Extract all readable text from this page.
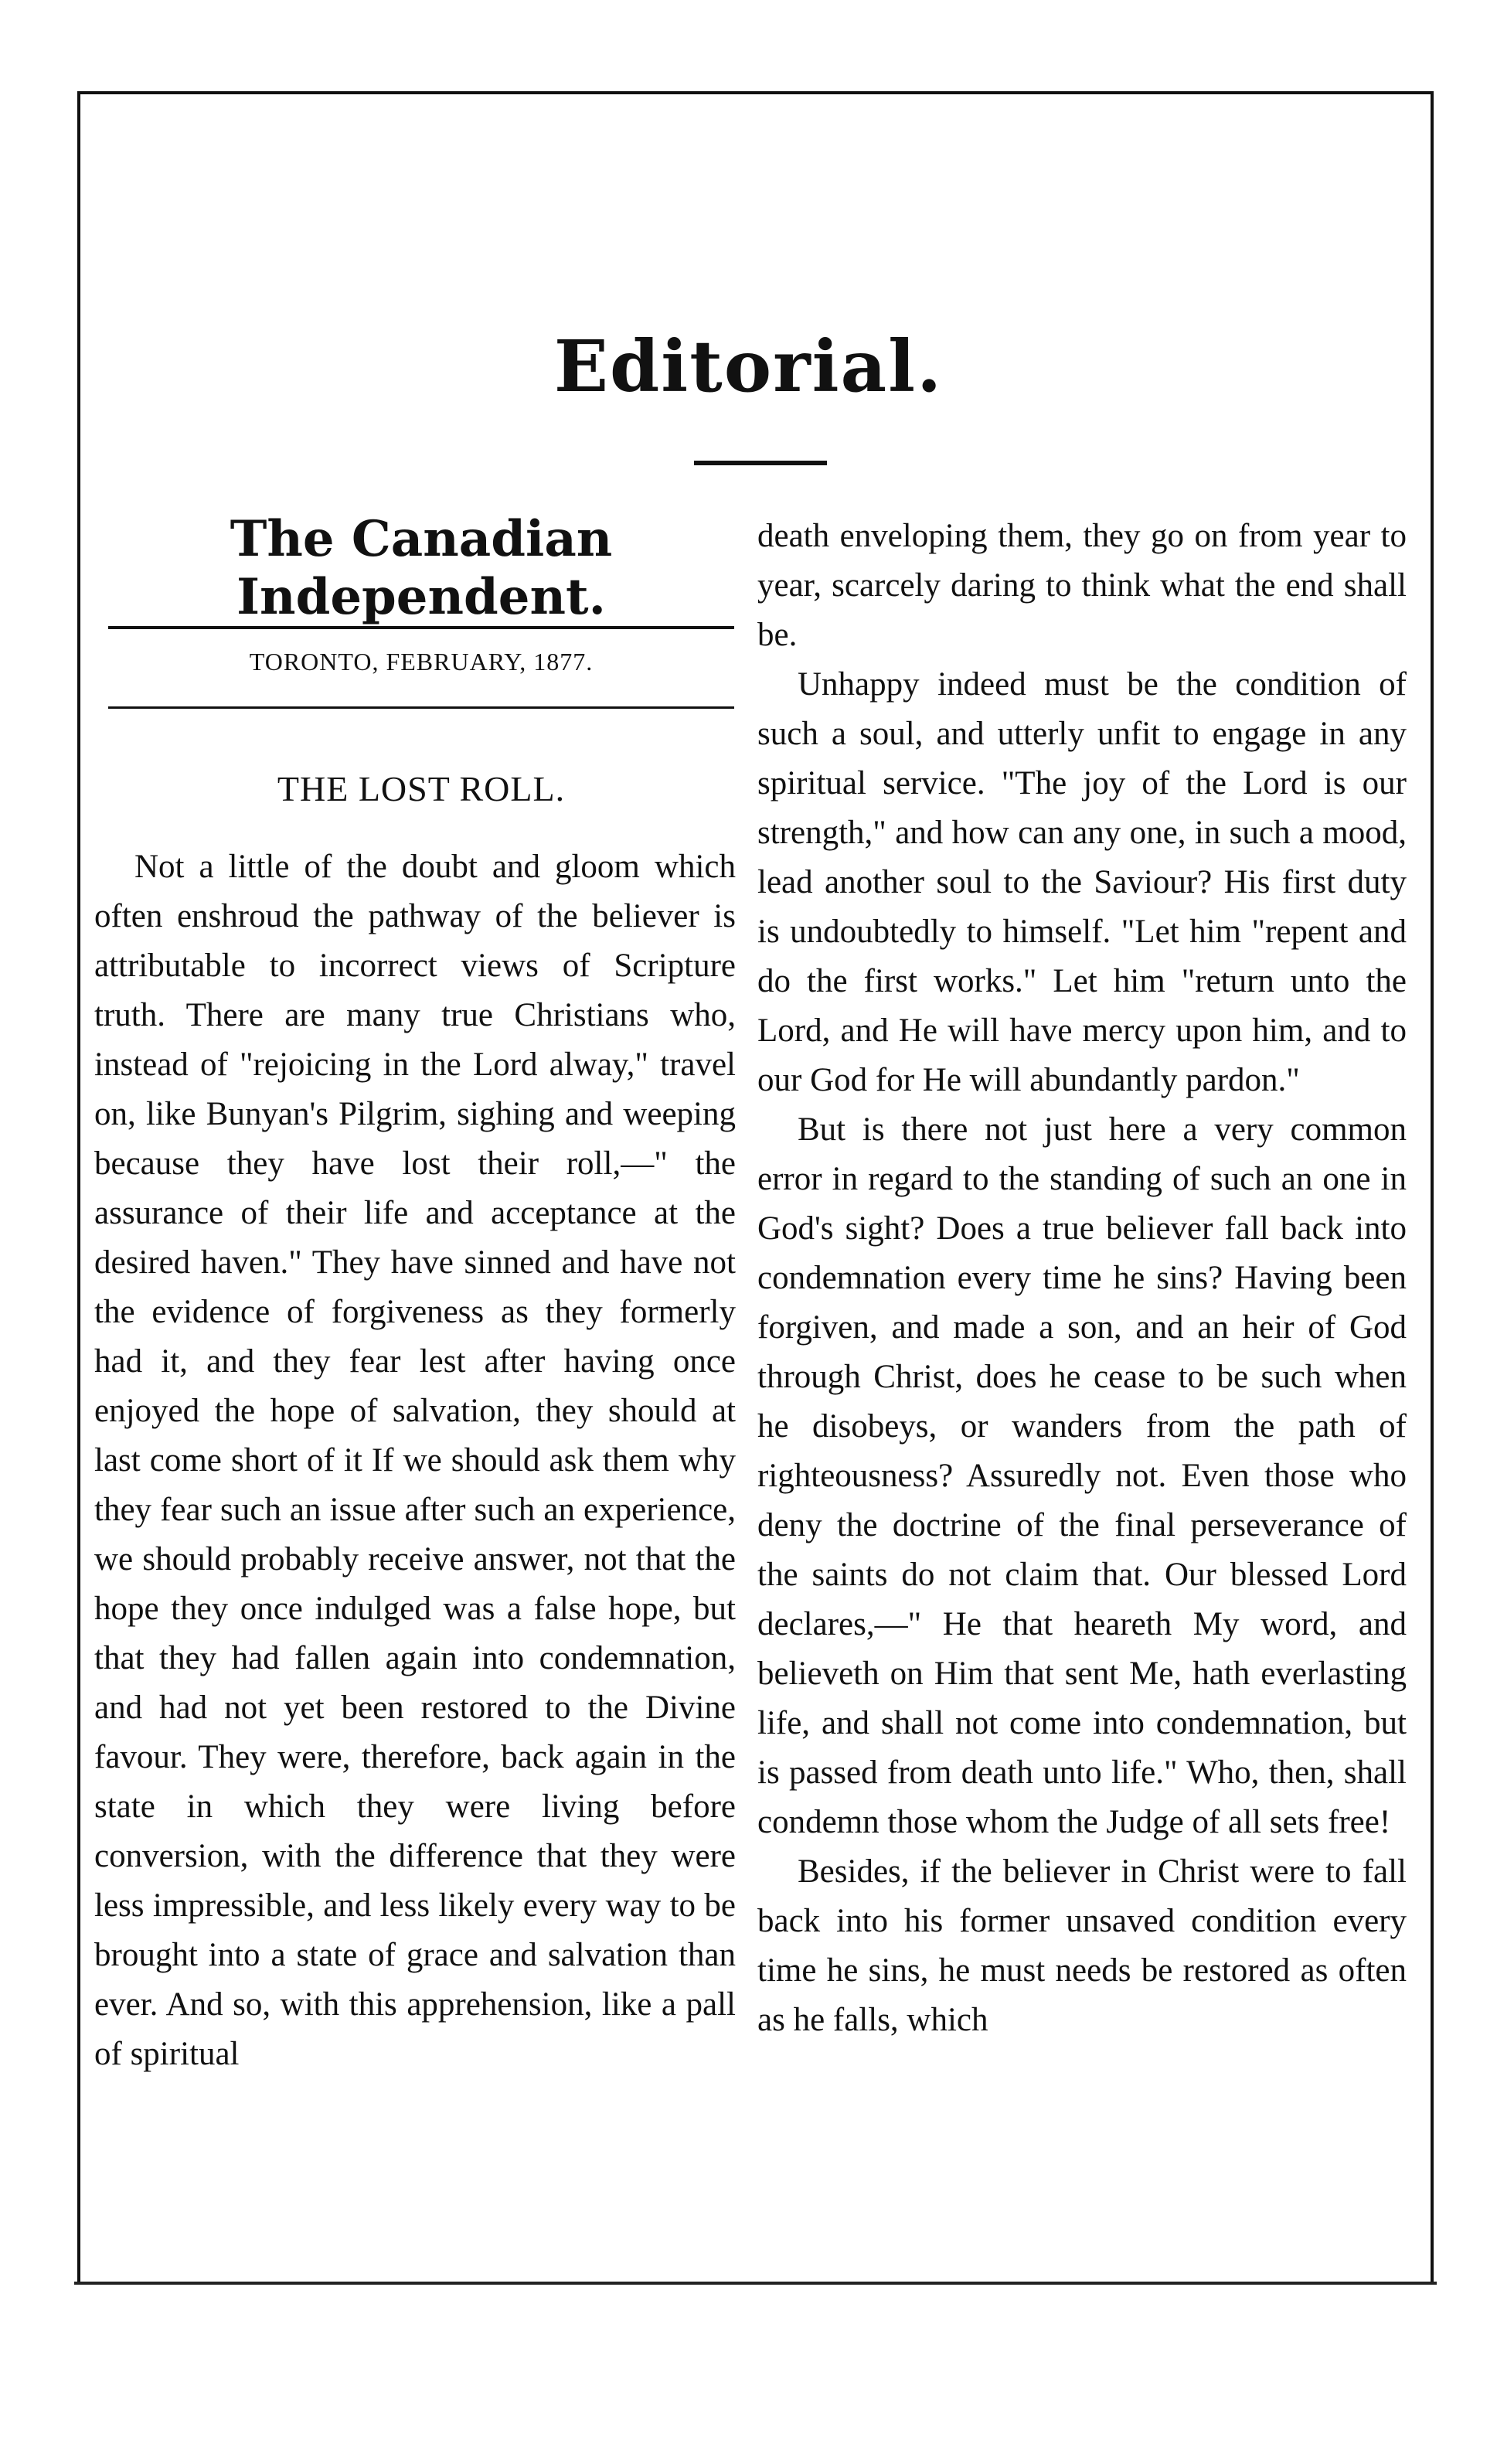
Editorial.
The Canadian Independent.
TORONTO, FEBRUARY, 1877.
THE LOST ROLL.

Not a little of the doubt and gloom which often enshroud the pathway of the believer is attributable to incorrect views of Scripture truth. There are many true Christians who, instead of "rejoicing in the Lord alway," travel on, like Bunyan's Pilgrim, sighing and weeping because they have lost their roll,—" the assurance of their life and acceptance at the desired haven." They have sinned and have not the evidence of forgiveness as they formerly had it, and they fear lest after having once enjoyed the hope of salvation, they should at last come short of it If we should ask them why they fear such an issue after such an experience, we should probably receive answer, not that the hope they once indulged was a false hope, but that they had fallen again into condemnation, and had not yet been restored to the Divine favour. They were, therefore, back again in the state in which they were living before conversion, with the difference that they were less impressible, and less likely every way to be brought into a state of grace and salvation than ever. And so, with this apprehension, like a pall of spiritual

death enveloping them, they go on from year to year, scarcely daring to think what the end shall be.

Unhappy indeed must be the condition of such a soul, and utterly unfit to engage in any spiritual service. "The joy of the Lord is our strength," and how can any one, in such a mood, lead another soul to the Saviour? His first duty is undoubtedly to himself. "Let him "repent and do the first works." Let him "return unto the Lord, and He will have mercy upon him, and to our God for He will abundantly pardon."

But is there not just here a very common error in regard to the standing of such an one in God's sight? Does a true believer fall back into condemnation every time he sins? Having been forgiven, and made a son, and an heir of God through Christ, does he cease to be such when he disobeys, or wanders from the path of righteousness? Assuredly not. Even those who deny the doctrine of the final perseverance of the saints do not claim that. Our blessed Lord declares,—" He that heareth My word, and believeth on Him that sent Me, hath everlasting life, and shall not come into condemnation, but is passed from death unto life." Who, then, shall condemn those whom the Judge of all sets free!

Besides, if the believer in Christ were to fall back into his former unsaved condition every time he sins, he must needs be restored as often as he falls, which
